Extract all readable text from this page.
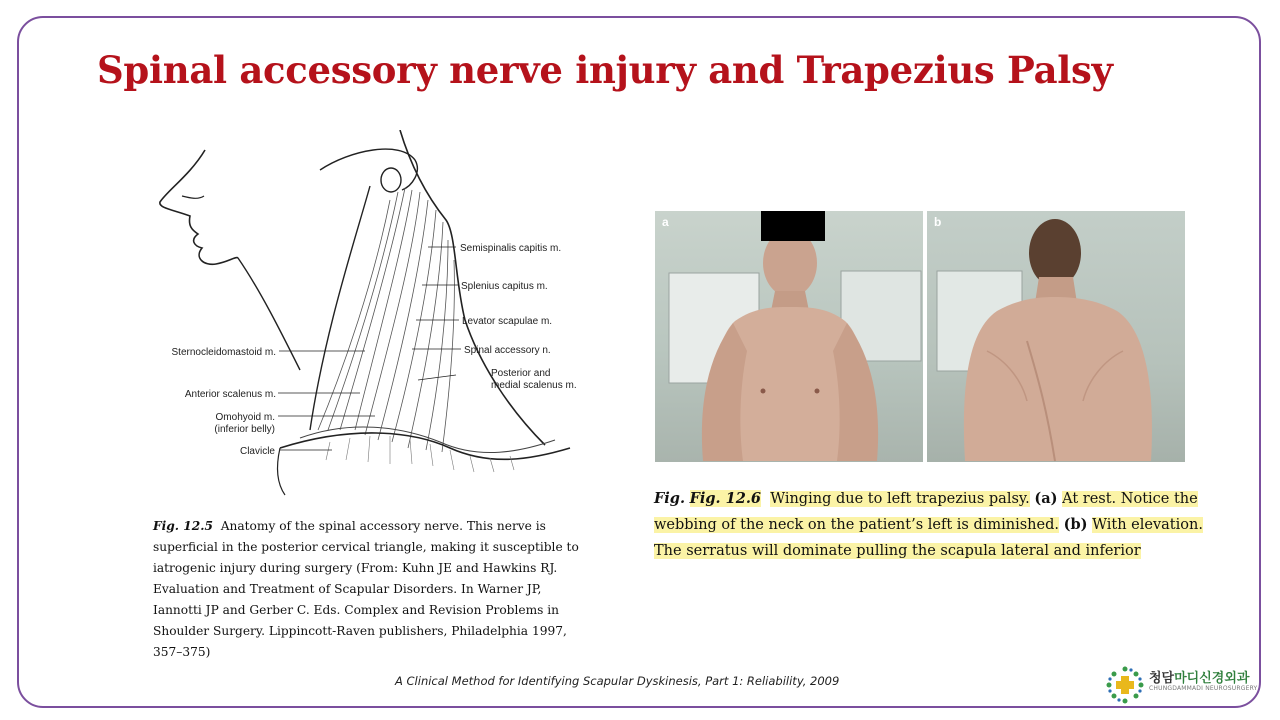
Spinal accessory nerve injury and Trapezius Palsy
Semispinalis capitis m.
Splenius capitus m.
Levator scapulae m.
Spinal accessory n.
Posterior and
medial scalenus m.
Sternocleidomastoid m.
Anterior scalenus m.
Omohyoid m.
(inferior belly)
Clavicle
Fig. 12.5 Anatomy of the spinal accessory nerve. This nerve is superficial in the posterior cervical triangle, making it susceptible to iatrogenic injury during surgery (From: Kuhn JE and Hawkins RJ. Evaluation and Treatment of Scapular Disorders. In Warner JP, Iannotti JP and Gerber C. Eds. Complex and Revision Problems in Shoulder Surgery. Lippincott-Raven publishers, Philadelphia 1997, 357–375)
a	b
Fig. Fig. 12.6 Winging due to left trapezius palsy. (a) At rest. Notice the webbing of the neck on the patient’s left is diminished. (b) With elevation. The serratus will dominate pulling the scapula lateral and inferior
A Clinical Method for Identifying Scapular Dyskinesis, Part 1: Reliability, 2009	청담마디신경외과
CHUNGDAMMADI NEUROSURGERY
